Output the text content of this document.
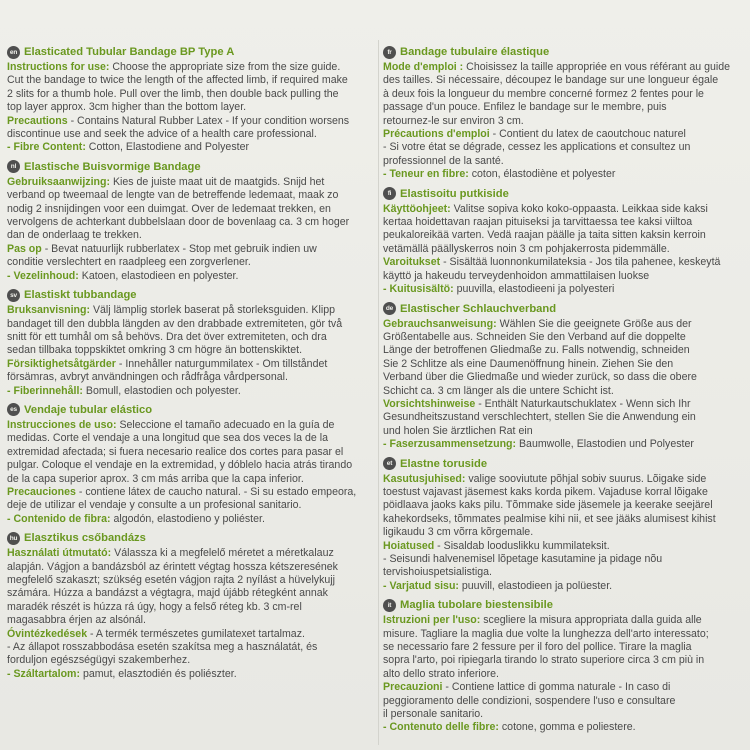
en Elasticated Tubular Bandage BP Type A

Instructions for use: Choose the appropriate size from the size guide.
Cut the bandage to twice the length of the affected limb, if required make
2 slits for a thumb hole. Pull over the limb, then double back pulling the
top layer approx. 3cm higher than the bottom layer.

Precautions - Contains Natural Rubber Latex - If your condition worsens
discontinue use and seek the advice of a health care professional.

- Fibre Content: Cotton, Elastodiene and Polyester

nl Elastische Buisvormige Bandage

Gebruiksaanwijzing: Kies de juiste maat uit de maatgids. Snijd het
verband op tweemaal de lengte van de betreffende ledemaat, maak zo
nodig 2 insnijdingen voor een duimgat. Over de ledemaat trekken, en
vervolgens de achterkant dubbelslaan door de bovenlaag ca. 3 cm hoger
dan de onderlaag te trekken.

Pas op - Bevat natuurlijk rubberlatex - Stop met gebruik indien uw
conditie verslechtert en raadpleeg een zorgverlener.

- Vezelinhoud: Katoen, elastodieen en polyester.

sv Elastiskt tubbandage

Bruksanvisning: Välj lämplig storlek baserat på storleksguiden. Klipp
bandaget till den dubbla längden av den drabbade extremiteten, gör två
snitt för ett tumhål om så behövs. Dra det över extremiteten, och dra
sedan tillbaka toppskiktet omkring 3 cm högre än bottenskiktet.

Försiktighetsåtgärder - Innehåller naturgummilatex - Om tillståndet
försämras, avbryt användningen och rådfråga vårdpersonal.

- Fiberinnehåll: Bomull, elastodien och polyester.

es Vendaje tubular elástico

Instrucciones de uso: Seleccione el tamaño adecuado en la guía de
medidas. Corte el vendaje a una longitud que sea dos veces la de la
extremidad afectada; si fuera necesario realice dos cortes para pasar el
pulgar. Coloque el vendaje en la extremidad, y dóblelo hacia atrás tirando
de la capa superior aprox. 3 cm más arriba que la capa inferior.

Precauciones - contiene látex de caucho natural. - Si su estado empeora,
deje de utilizar el vendaje y consulte a un profesional sanitario.

- Contenido de fibra: algodón, elastodieno y poliéster.

hu Elasztikus csőbandázs

Használati útmutató: Válassza ki a megfelelő méretet a méretkalauz
alapján. Vágjon a bandázsból az érintett végtag hossza kétszeresének
megfelelő szakaszt; szükség esetén vágjon rajta 2 nyílást a hüvelykujj
számára. Húzza a bandázst a végtagra, majd újább rétegként annak
maradék részét is húzza rá úgy, hogy a felső réteg kb. 3 cm-rel
magasabbra érjen az alsónál.

Óvintézkedések - A termék természetes gumilatexet tartalmaz.
- Az állapot rosszabbodása esetén szakítsa meg a használatát, és
forduljon egészségügyi szakemberhez.

- Száltartalom: pamut, elasztodién és poliészter.

fr Bandage tubulaire élastique

Mode d'emploi : Choisissez la taille appropriée en vous référant au guide
des tailles. Si nécessaire, découpez le bandage sur une longueur égale
à deux fois la longueur du membre concerné formez 2 fentes pour le
passage d'un pouce. Enfilez le bandage sur le membre, puis
retournez-le sur environ 3 cm.

Précautions d'emploi - Contient du latex de caoutchouc naturel
- Si votre état se dégrade, cessez les applications et consultez un
professionnel de la santé.

- Teneur en fibre: coton, élastodiène et polyester

fi Elastisoitu putkiside

Käyttöohjeet: Valitse sopiva koko koko-oppaasta. Leikkaa side kaksi
kertaa hoidettavan raajan pituiseksi ja tarvittaessa tee kaksi viiltoa
peukaloreikää varten. Vedä raajan päälle ja taita sitten kaksin kerroin
vetämällä päällyskerros noin 3 cm pohjakerrosta pidemmälle.

Varoitukset - Sisältää luonnonkumilateksia - Jos tila pahenee, keskeytä
käyttö ja hakeudu terveydenhoidon ammattilaisen luokse

- Kuitusisältö: puuvilla, elastodieeni ja polyesteri

de Elastischer Schlauchverband

Gebrauchsanweisung: Wählen Sie die geeignete Größe aus der
Größentabelle aus. Schneiden Sie den Verband auf die doppelte
Länge der betroffenen Gliedmaße zu. Falls notwendig, schneiden
Sie 2 Schlitze als eine Daumenöffnung hinein. Ziehen Sie den
Verband über die Gliedmaße und wieder zurück, so dass die obere
Schicht ca. 3 cm länger als die untere Schicht ist.

Vorsichtshinweise - Enthält Naturkautschuklatex - Wenn sich Ihr
Gesundheitszustand verschlechtert, stellen Sie die Anwendung ein
und holen Sie ärztlichen Rat ein

- Faserzusammensetzung: Baumwolle, Elastodien und Polyester

et Elastne toruside

Kasutusjuhised: valige sooviutute põhjal sobiv suurus. Lõigake side
toestust vajavast jäsemest kaks korda pikem. Vajaduse korral lõigake
pöidlaava jaoks kaks pilu. Tõmmake side jäsemele ja keerake seejärel
kahekordseks, tõmmates pealmise kihi nii, et see jääks alumisest kihist
ligikaudu 3 cm võrra kõrgemale.

Hoiatused - Sisaldab looduslikku kummilateksit.
- Seisundi halvenemisel lõpetage kasutamine ja pidage nõu
tervishoiuspetsialistiga.

- Varjatud sisu: puuvill, elastodieen ja polüester.

it Maglia tubolare biestensibile

Istruzioni per l'uso: scegliere la misura appropriata dalla guida alle
misure. Tagliare la maglia due volte la lunghezza dell'arto interessato;
se necessario fare 2 fessure per il foro del pollice. Tirare la maglia
sopra l'arto, poi ripiegarla tirando lo strato superiore circa 3 cm più in
alto dello strato inferiore.

Precauzioni - Contiene lattice di gomma naturale - In caso di
peggioramento delle condizioni, sospendere l'uso e consultare
il personale sanitario.

- Contenuto delle fibre: cotone, gomma e poliestere.
